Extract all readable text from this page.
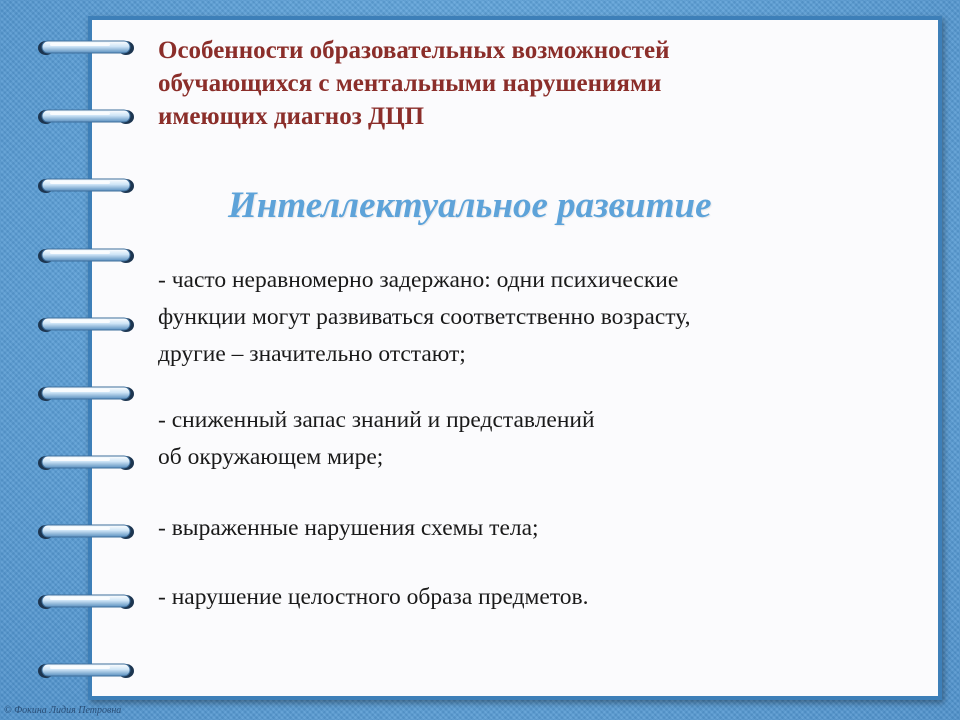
Особенности образовательных возможностей
обучающихся с ментальными нарушениями
имеющих диагноз ДЦП
Интеллектуальное развитие

- часто неравномерно задержано: одни психические
функции могут развиваться соответственно возрасту,
другие – значительно отстают;

- сниженный запас знаний и представлений
об окружающем мире;

- выраженные нарушения схемы тела;

- нарушение целостного образа предметов.

© Фокина Лидия Петровна
